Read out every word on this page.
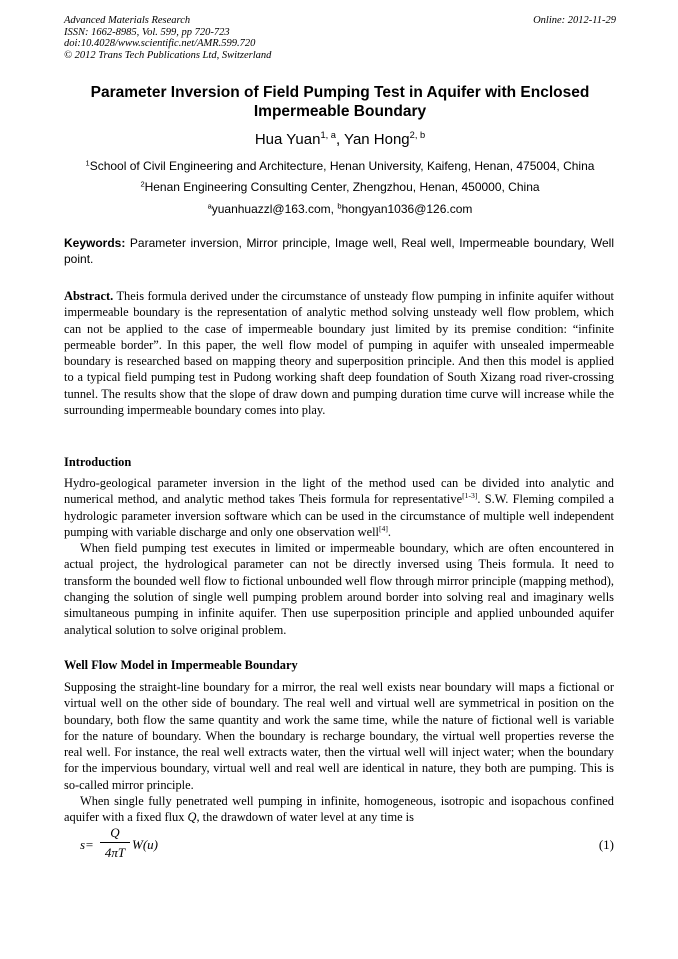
Advanced Materials Research
ISSN: 1662-8985, Vol. 599, pp 720-723
doi:10.4028/www.scientific.net/AMR.599.720
© 2012 Trans Tech Publications Ltd, Switzerland
Online: 2012-11-29
Parameter Inversion of Field Pumping Test in Aquifer with Enclosed Impermeable Boundary
Hua Yuan$^{1, a}$, Yan Hong$^{2, b}$
$^1$School of Civil Engineering and Architecture, Henan University, Kaifeng, Henan, 475004, China
$^2$Henan Engineering Consulting Center, Zhengzhou, Henan, 450000, China
$^a$yuanhuazzl@163.com, $^b$hongyan1036@126.com
Keywords: Parameter inversion, Mirror principle, Image well, Real well, Impermeable boundary, Well point.

Abstract. Theis formula derived under the circumstance of unsteady flow pumping in infinite aquifer without impermeable boundary is the representation of analytic method solving unsteady well flow problem, which can not be applied to the case of impermeable boundary just limited by its premise condition: “infinite permeable border”. In this paper, the well flow model of pumping in aquifer with unsealed impermeable boundary is researched based on mapping theory and superposition principle. And then this model is applied to a typical field pumping test in Pudong working shaft deep foundation of South Xizang road river-crossing tunnel. The results show that the slope of draw down and pumping duration time curve will increase while the surrounding impermeable boundary comes into play.

Introduction

Hydro-geological parameter inversion in the light of the method used can be divided into analytic and numerical method, and analytic method takes Theis formula for representative[1-3]. S.W. Fleming compiled a hydrologic parameter inversion software which can be used in the circumstance of multiple well independent pumping with variable discharge and only one observation well[4].

When field pumping test executes in limited or impermeable boundary, which are often encountered in actual project, the hydrological parameter can not be directly inversed using Theis formula. It need to transform the bounded well flow to fictional unbounded well flow through mirror principle (mapping method), changing the solution of single well pumping problem around border into solving real and imaginary wells simultaneous pumping in infinite aquifer. Then use superposition principle and applied unbounded aquifer analytical solution to solve original problem.

Well Flow Model in Impermeable Boundary

Supposing the straight-line boundary for a mirror, the real well exists near boundary will maps a fictional or virtual well on the other side of boundary. The real well and virtual well are symmetrical in position on the boundary, both flow the same quantity and work the same time, while the nature of fictional well is variable for the nature of boundary. When the boundary is recharge boundary, the virtual well properties reverse the real well. For instance, the real well extracts water, then the virtual well will inject water; when the boundary for the impervious boundary, virtual well and real well are identical in nature, they both are pumping. This is so-called mirror principle.

When single fully penetrated well pumping in infinite, homogeneous, isotropic and isopachous confined aquifer with a fixed flux Q, the drawdown of water level at any time is

s=
Q
4πT
W(u)	(1)
